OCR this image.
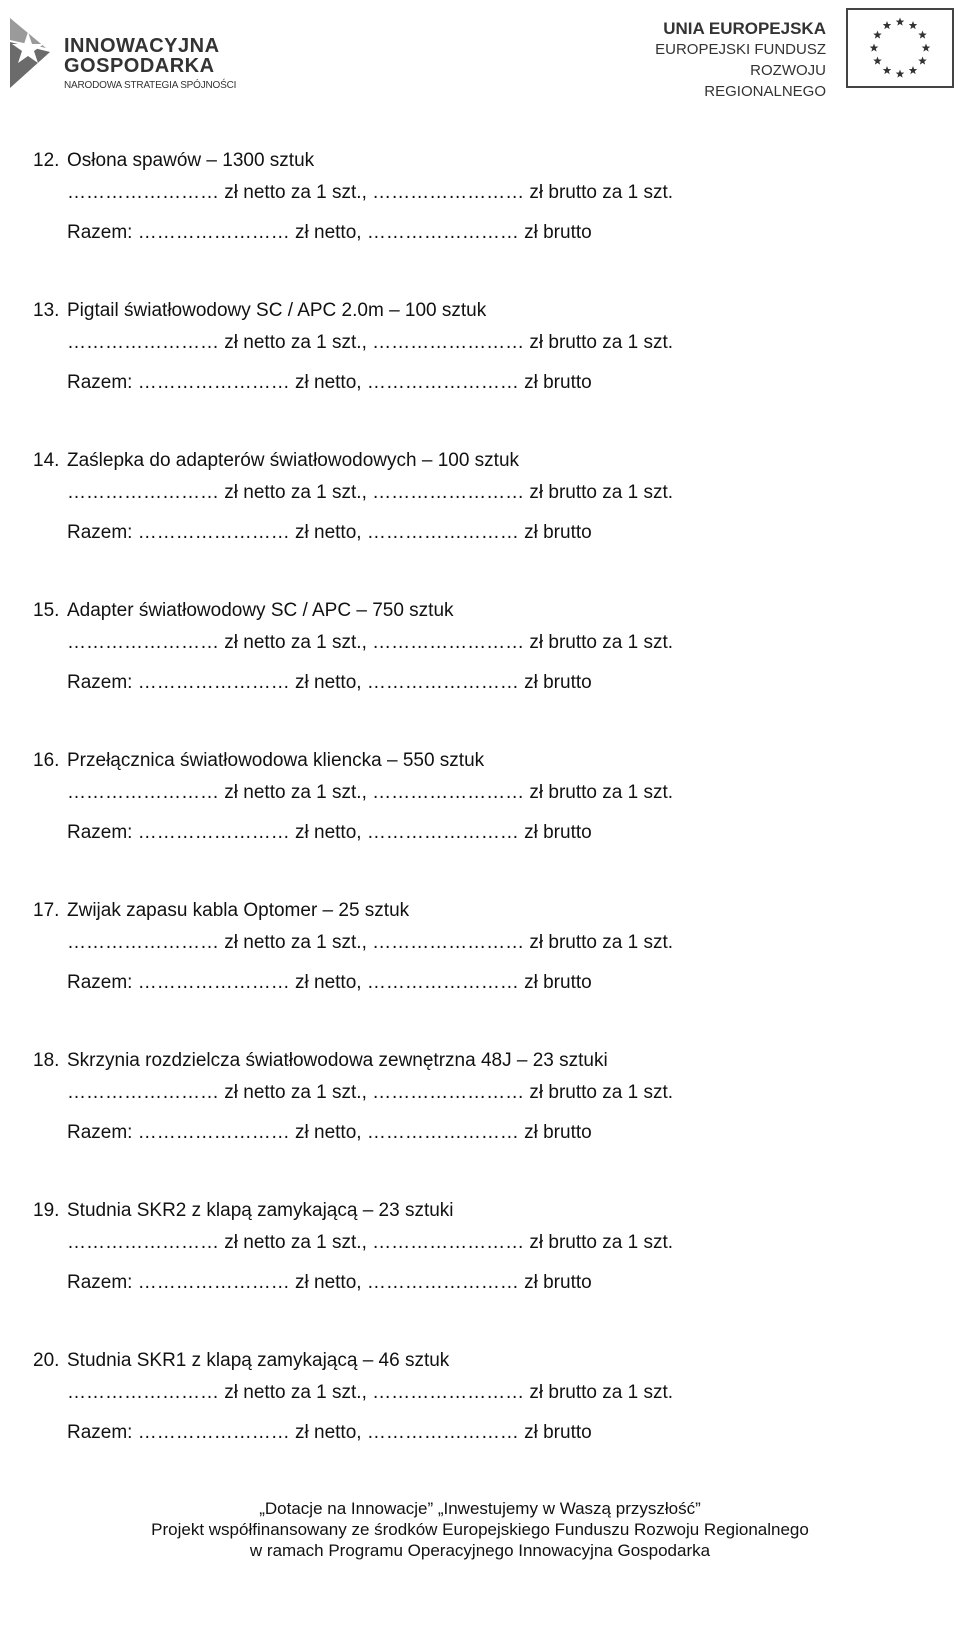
INNOWACYJNA
GOSPODARKA
NARODOWA STRATEGIA SPÓJNOŚCI
UNIA EUROPEJSKA
EUROPEJSKI FUNDUSZ
ROZWOJU REGIONALNEGO
12. Osłona spawów – 1300 sztuk
…………………… zł netto za 1 szt., …………………… zł brutto za 1 szt.
Razem: …………………… zł netto, …………………… zł brutto
13. Pigtail światłowodowy SC / APC 2.0m – 100 sztuk
…………………… zł netto za 1 szt., …………………… zł brutto za 1 szt.
Razem: …………………… zł netto, …………………… zł brutto
14. Zaślepka do adapterów światłowodowych – 100 sztuk
…………………… zł netto za 1 szt., …………………… zł brutto za 1 szt.
Razem: …………………… zł netto, …………………… zł brutto
15. Adapter światłowodowy SC / APC – 750 sztuk
…………………… zł netto za 1 szt., …………………… zł brutto za 1 szt.
Razem: …………………… zł netto, …………………… zł brutto
16. Przełącznica światłowodowa kliencka – 550 sztuk
…………………… zł netto za 1 szt., …………………… zł brutto za 1 szt.
Razem: …………………… zł netto, …………………… zł brutto
17. Zwijak zapasu kabla Optomer – 25 sztuk
…………………… zł netto za 1 szt., …………………… zł brutto za 1 szt.
Razem: …………………… zł netto, …………………… zł brutto
18. Skrzynia rozdzielcza światłowodowa zewnętrzna 48J – 23 sztuki
…………………… zł netto za 1 szt., …………………… zł brutto za 1 szt.
Razem: …………………… zł netto, …………………… zł brutto
19. Studnia SKR2 z klapą zamykającą – 23 sztuki
…………………… zł netto za 1 szt., …………………… zł brutto za 1 szt.
Razem: …………………… zł netto, …………………… zł brutto
20. Studnia SKR1 z klapą zamykającą – 46 sztuk
…………………… zł netto za 1 szt., …………………… zł brutto za 1 szt.
Razem: …………………… zł netto, …………………… zł brutto
„Dotacje na Innowacje” „Inwestujemy w Waszą przyszłość”
Projekt współfinansowany ze środków Europejskiego Funduszu Rozwoju Regionalnego
w ramach Programu Operacyjnego Innowacyjna Gospodarka
